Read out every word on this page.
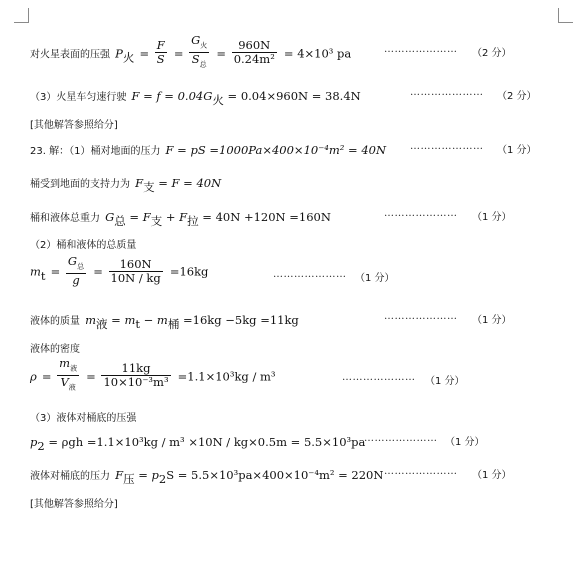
对火星表面的压强 $P_火 = \frac{F}{S} = \frac{G_火}{S_总} = \frac{960N}{\text{0.24m²}} = 4\times 10^3$ pa	………………… （2 分）
（3）火星车匀速行驶 $F = f = 0.04G_火 = 0.04\times 960N = 38.4N$	………………… （2 分）
[其他解答参照给分]
23. 解：（1）桶对地面的压力 F = pS =1000Pa×400×10⁻⁴m² = 40N ………………… （1 分）
桶受到地面的支持力为 $F_支 = F = 40N$
桶和液体总重力 $G_总 = F_支 + F_拉 = 40N +120N =160N$	………………… （1 分）
（2）桶和液体的总质量
$m_t = \frac{G_总}{g} = \frac{160N}{10N / kg} =16kg$	………………… （1 分）
液体的质量 $m_液 = m_t - m_桶 =16kg -5kg =11kg$	………………… （1 分）
液体的密度
$\rho = \frac{m_液}{V_液} = \frac{11kg}{\text{10×10⁻³m³}} =1.1\times 10^3kg / m^3$	………………… （1 分）
（3）液体对桶底的压强
$p_2 = \rho gh =1.1\times 10^3kg / m^3 \times 10N / kg\times 0.5m = 5.5\times 10^3pa$
………………… （1 分）
液体对桶底的压力 $F_压 = p_2S = 5.5\times 10^3pa\times 400\times 10^{-4}m^2 = 220N$ ………………… （1 分）
[其他解答参照给分]
